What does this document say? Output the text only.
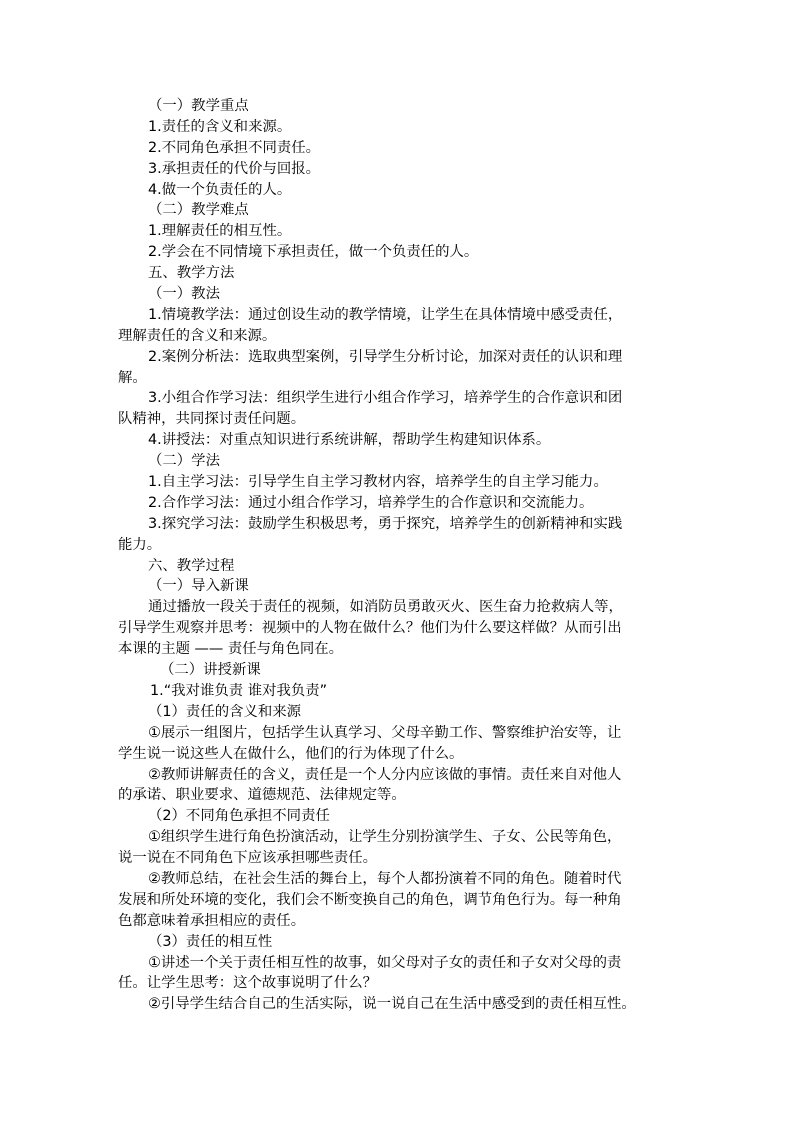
（一）教学重点
1.责任的含义和来源。
2.不同角色承担不同责任。
3.承担责任的代价与回报。
4.做一个负责任的人。
（二）教学难点
1.理解责任的相互性。
2.学会在不同情境下承担责任，做一个负责任的人。
五、教学方法
（一）教法
1.情境教学法：通过创设生动的教学情境，让学生在具体情境中感受责任，
理解责任的含义和来源。
2.案例分析法：选取典型案例，引导学生分析讨论，加深对责任的认识和理
解。
3.小组合作学习法：组织学生进行小组合作学习，培养学生的合作意识和团
队精神，共同探讨责任问题。
4.讲授法：对重点知识进行系统讲解，帮助学生构建知识体系。
（二）学法
1.自主学习法：引导学生自主学习教材内容，培养学生的自主学习能力。
2.合作学习法：通过小组合作学习，培养学生的合作意识和交流能力。
3.探究学习法：鼓励学生积极思考，勇于探究，培养学生的创新精神和实践
能力。
六、教学过程
（一）导入新课
通过播放一段关于责任的视频，如消防员勇敢灭火、医生奋力抢救病人等，
引导学生观察并思考：视频中的人物在做什么？他们为什么要这样做？从而引出
本课的主题 —— 责任与角色同在。
（二）讲授新课
1.“我对谁负责 谁对我负责”
（1）责任的含义和来源
①展示一组图片，包括学生认真学习、父母辛勤工作、警察维护治安等，让
学生说一说这些人在做什么，他们的行为体现了什么。
②教师讲解责任的含义，责任是一个人分内应该做的事情。责任来自对他人
的承诺、职业要求、道德规范、法律规定等。
（2）不同角色承担不同责任
①组织学生进行角色扮演活动，让学生分别扮演学生、子女、公民等角色，
说一说在不同角色下应该承担哪些责任。
②教师总结，在社会生活的舞台上，每个人都扮演着不同的角色。随着时代
发展和所处环境的变化，我们会不断变换自己的角色，调节角色行为。每一种角
色都意味着承担相应的责任。
（3）责任的相互性
①讲述一个关于责任相互性的故事，如父母对子女的责任和子女对父母的责
任。让学生思考：这个故事说明了什么？
②引导学生结合自己的生活实际，说一说自己在生活中感受到的责任相互性。
